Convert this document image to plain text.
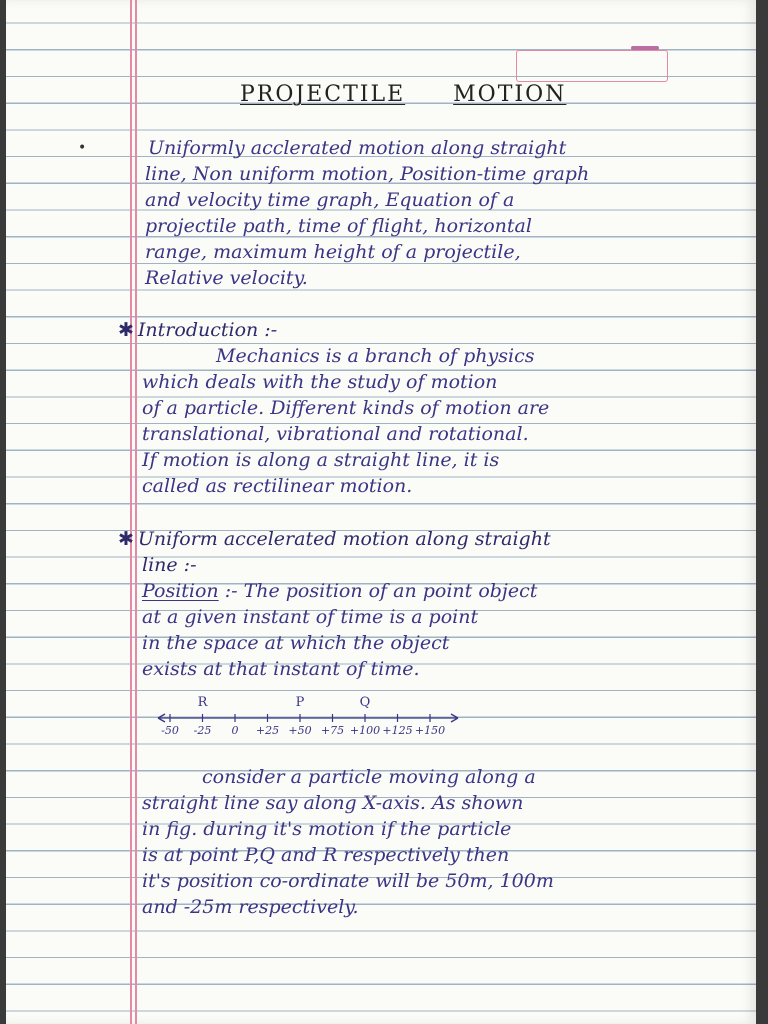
PROJECTILE MOTION
•	Uniformly acclerated motion along straight
line, Non uniform motion, Position-time graph
and velocity time graph, Equation of a
projectile path, time of flight, horizontal
range, maximum height of a projectile,
Relative velocity.
✱ Introduction :-
Mechanics is a branch of physics
which deals with the study of motion
of a particle. Different kinds of motion are
translational, vibrational and rotational.
If motion is along a straight line, it is
called as rectilinear motion.
✱ Uniform accelerated motion along straight
line :-
Position :- The position of an point object
at a given instant of time is a point
in the space at which the object
exists at that instant of time.
-50 -25 0 +25 +50 +75 +100 +125 +150
R	P	Q
consider a particle moving along a
straight line say along X-axis. As shown
in fig. during it's motion if the particle
is at point P,Q and R respectively then
it's position co-ordinate will be 50m, 100m
and -25m respectively.
